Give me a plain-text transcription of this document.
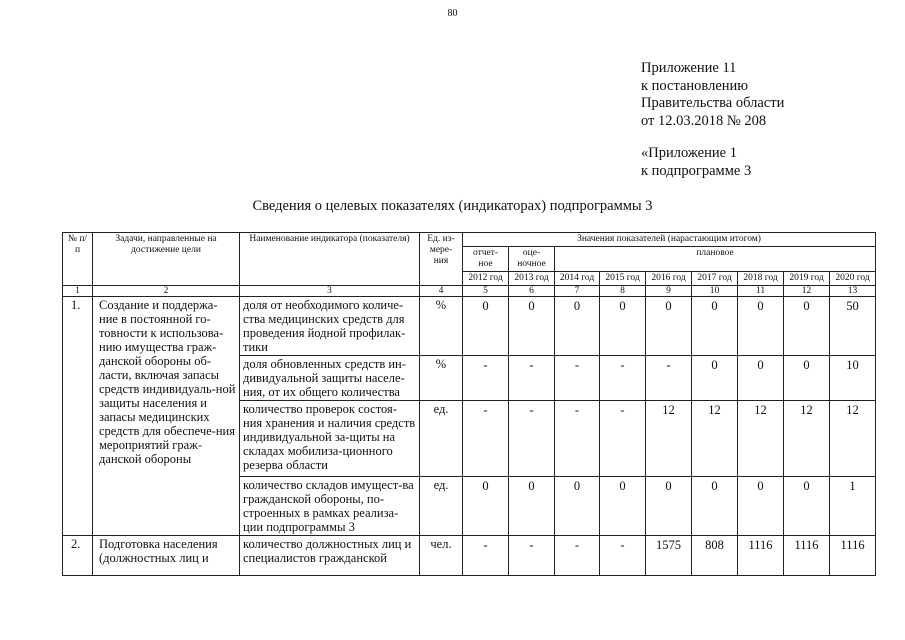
80
Приложение 11
к постановлению
Правительства области
от 12.03.2018 № 208
«Приложение 1
к подпрограмме 3
Сведения о целевых показателях (индикаторах) подпрограммы 3
№ п/п	Задачи, направленные на достижение цели	Наименование индикатора (показателя)	Ед. из-мере-ния	Значения показателей (нарастающим итогом)								
				отчет-ное	оце-ночное	плановое						
				2012 год	2013 год	2014 год	2015 год	2016 год	2017 год	2018 год	2019 год	2020 год
1	2	3	4	5	6	7	8	9	10	11	12	13
1.	Создание и поддержа-ние в постоянной го-товности к использова-нию имущества граж-данской обороны об-ласти, включая запасы средств индивидуаль-ной защиты населения и запасы медицинских средств для обеспече-ния мероприятий граж-данской обороны	доля от необходимого количе-ства медицинских средств для проведения йодной профилак-тики	%	0	0	0	0	0	0	0	0	50
		доля обновленных средств ин-дивидуальной защиты населе-ния, от их общего количества	%	-	-	-	-	-	0	0	0	10
		количество проверок состоя-ния хранения и наличия средств индивидуальной за-щиты на складах мобилиза-ционного резерва области	ед.	-	-	-	-	12	12	12	12	12
		количество складов имущест-ва гражданской обороны, по-строенных в рамках реализа-ции подпрограммы 3	ед.	0	0	0	0	0	0	0	0	1
2.	Подготовка населения (должностных лиц и	количество должностных лиц и специалистов гражданской	чел.	-	-	-	-	1575	808	1116	1116	1116
